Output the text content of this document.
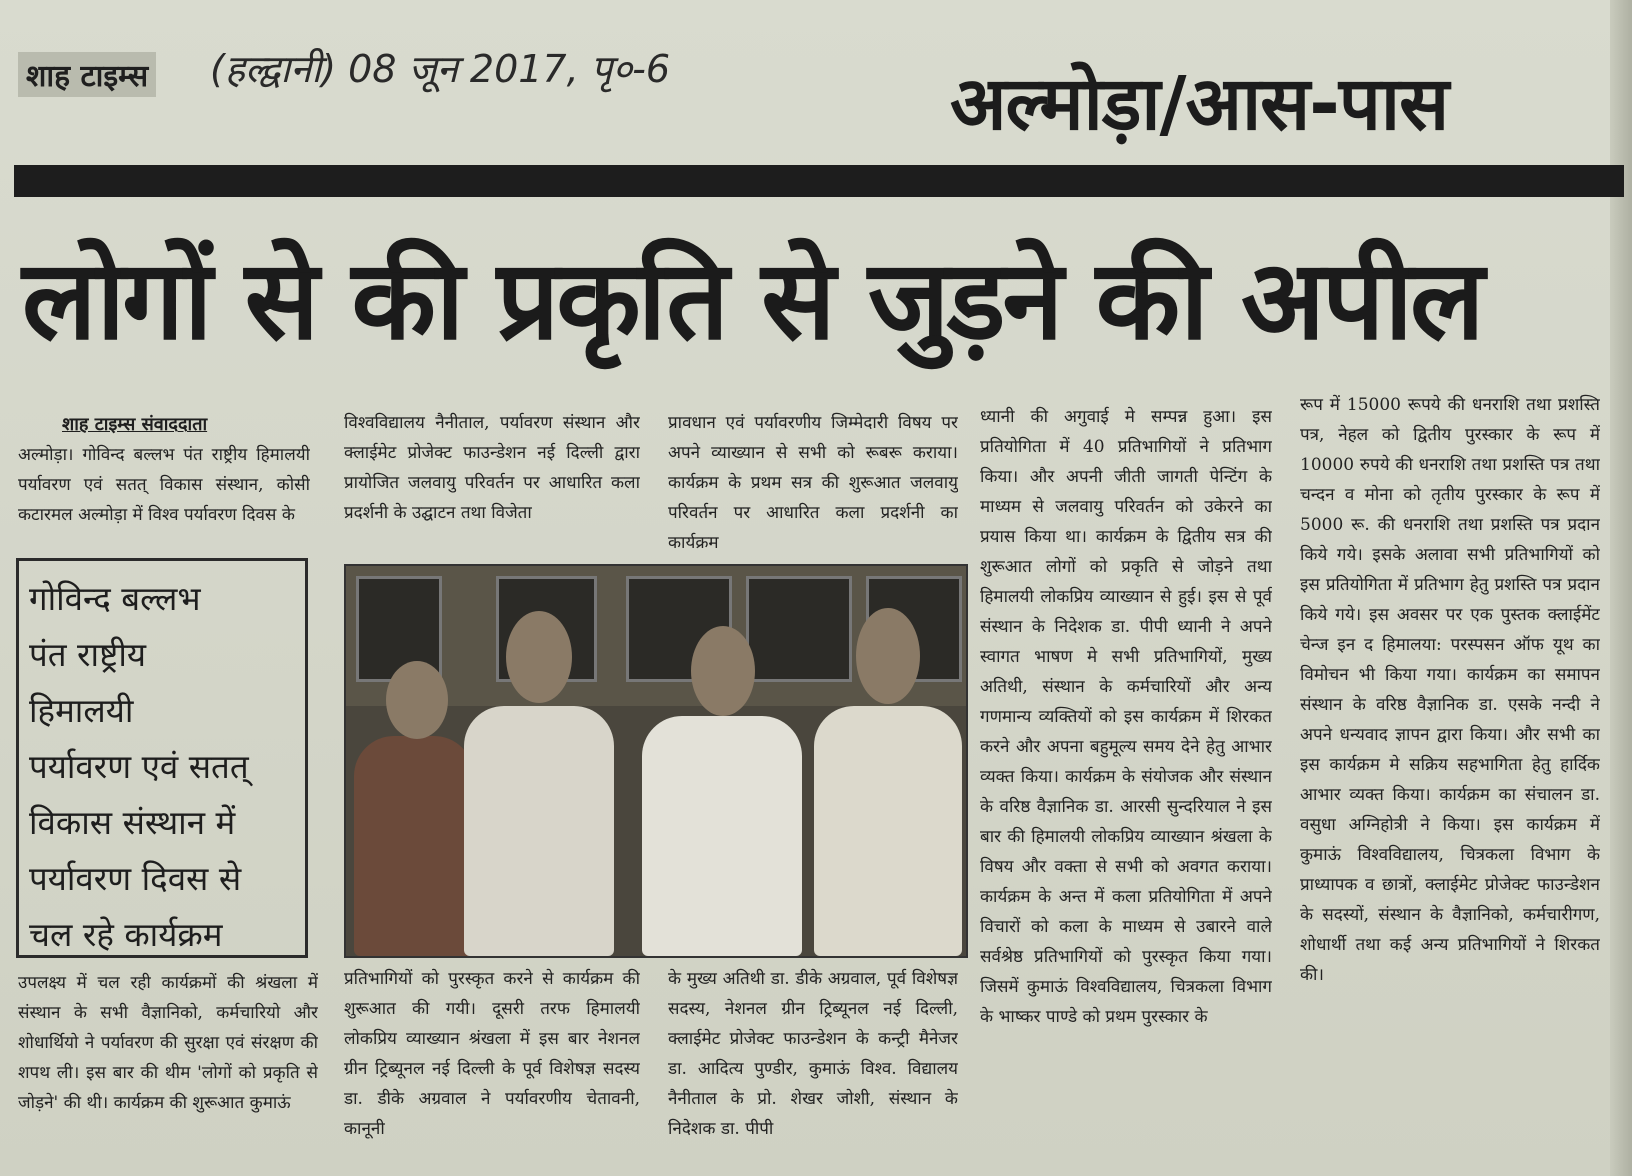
शाह टाइम्स (हल्द्वानी) 08 जून 2017, पृ०-6	अल्मोड़ा/आस-पास
लोगों से की प्रकृति से जुड़ने की अपील
शाह टाइम्स संवाददाता
अल्मोड़ा। गोविन्द बल्लभ पंत राष्ट्रीय हिमालयी पर्यावरण एवं सतत् विकास संस्थान, कोसी कटारमल अल्मोड़ा में विश्व पर्यावरण दिवस के
गोविन्द बल्लभ
पंत राष्ट्रीय
हिमालयी
पर्यावरण एवं सतत्
विकास संस्थान में
पर्यावरण दिवस से
चल रहे कार्यक्रम
उपलक्ष्य में चल रही कार्यक्रमों की श्रंखला में संस्थान के सभी वैज्ञानिको, कर्मचारियो और शोधार्थियो ने पर्यावरण की सुरक्षा एवं संरक्षण की शपथ ली। इस बार की थीम 'लोगों को प्रकृति से जोड़ने' की थी। कार्यक्रम की शुरूआत कुमाऊं
विश्वविद्यालय नैनीताल, पर्यावरण संस्थान और क्लाईमेट प्रोजेक्ट फाउन्डेशन नई दिल्ली द्वारा प्रायोजित जलवायु परिवर्तन पर आधारित कला प्रदर्शनी के उद्घाटन तथा विजेता
प्रावधान एवं पर्यावरणीय जिम्मेदारी विषय पर अपने व्याख्यान से सभी को रूबरू कराया। कार्यक्रम के प्रथम सत्र की शुरूआत जलवायु परिवर्तन पर आधारित कला प्रदर्शनी का कार्यक्रम
प्रतिभागियों को पुरस्कृत करने से कार्यक्रम की शुरूआत की गयी। दूसरी तरफ हिमालयी लोकप्रिय व्याख्यान श्रंखला में इस बार नेशनल ग्रीन ट्रिब्यूनल नई दिल्ली के पूर्व विशेषज्ञ सदस्य डा. डीके अग्रवाल ने पर्यावरणीय चेतावनी, कानूनी
के मुख्य अतिथी डा. डीके अग्रवाल, पूर्व विशेषज्ञ सदस्य, नेशनल ग्रीन ट्रिब्यूनल नई दिल्ली, क्लाईमेट प्रोजेक्ट फाउन्डेशन के कन्ट्री मैनेजर डा. आदित्य पुण्डीर, कुमाऊं विश्व. विद्यालय नैनीताल के प्रो. शेखर जोशी, संस्थान के निदेशक डा. पीपी
ध्यानी की अगुवाई मे सम्पन्न हुआ। इस प्रतियोगिता में 40 प्रतिभागियों ने प्रतिभाग किया। और अपनी जीती जागती पेन्टिंग के माध्यम से जलवायु परिवर्तन को उकेरने का प्रयास किया था। कार्यक्रम के द्वितीय सत्र की शुरूआत लोगों को प्रकृति से जोड़ने तथा हिमालयी लोकप्रिय व्याख्यान से हुई। इस से पूर्व संस्थान के निदेशक डा. पीपी ध्यानी ने अपने स्वागत भाषण मे सभी प्रतिभागियों, मुख्य अतिथी, संस्थान के कर्मचारियों और अन्य गणमान्य व्यक्तियों को इस कार्यक्रम में शिरकत करने और अपना बहुमूल्य समय देने हेतु आभार व्यक्त किया। कार्यक्रम के संयोजक और संस्थान के वरिष्ठ वैज्ञानिक डा. आरसी सुन्दरियाल ने इस बार की हिमालयी लोकप्रिय व्याख्यान श्रंखला के विषय और वक्ता से सभी को अवगत कराया। कार्यक्रम के अन्त में कला प्रतियोगिता में अपने विचारों को कला के माध्यम से उबारने वाले सर्वश्रेष्ठ प्रतिभागियों को पुरस्कृत किया गया। जिसमें कुमाऊं विश्वविद्यालय, चित्रकला विभाग के भाष्कर पाण्डे को प्रथम पुरस्कार के
रूप में 15000 रूपये की धनराशि तथा प्रशस्ति पत्र, नेहल को द्वितीय पुरस्कार के रूप में 10000 रुपये की धनराशि तथा प्रशस्ति पत्र तथा चन्दन व मोना को तृतीय पुरस्कार के रूप में 5000 रू. की धनराशि तथा प्रशस्ति पत्र प्रदान किये गये। इसके अलावा सभी प्रतिभागियों को इस प्रतियोगिता में प्रतिभाग हेतु प्रशस्ति पत्र प्रदान किये गये। इस अवसर पर एक पुस्तक क्लाईमेंट चेन्ज इन द हिमालया: परस्पसन ऑफ यूथ का विमोचन भी किया गया। कार्यक्रम का समापन संस्थान के वरिष्ठ वैज्ञानिक डा. एसके नन्दी ने अपने धन्यवाद ज्ञापन द्वारा किया। और सभी का इस कार्यक्रम मे सक्रिय सहभागिता हेतु हार्दिक आभार व्यक्त किया। कार्यक्रम का संचालन डा. वसुधा अग्निहोत्री ने किया। इस कार्यक्रम में कुमाऊं विश्वविद्यालय, चित्रकला विभाग के प्राध्यापक व छात्रों, क्लाईमेट प्रोजेक्ट फाउन्डेशन के सदस्यों, संस्थान के वैज्ञानिको, कर्मचारीगण, शोधार्थी तथा कई अन्य प्रतिभागियों ने शिरकत की।
